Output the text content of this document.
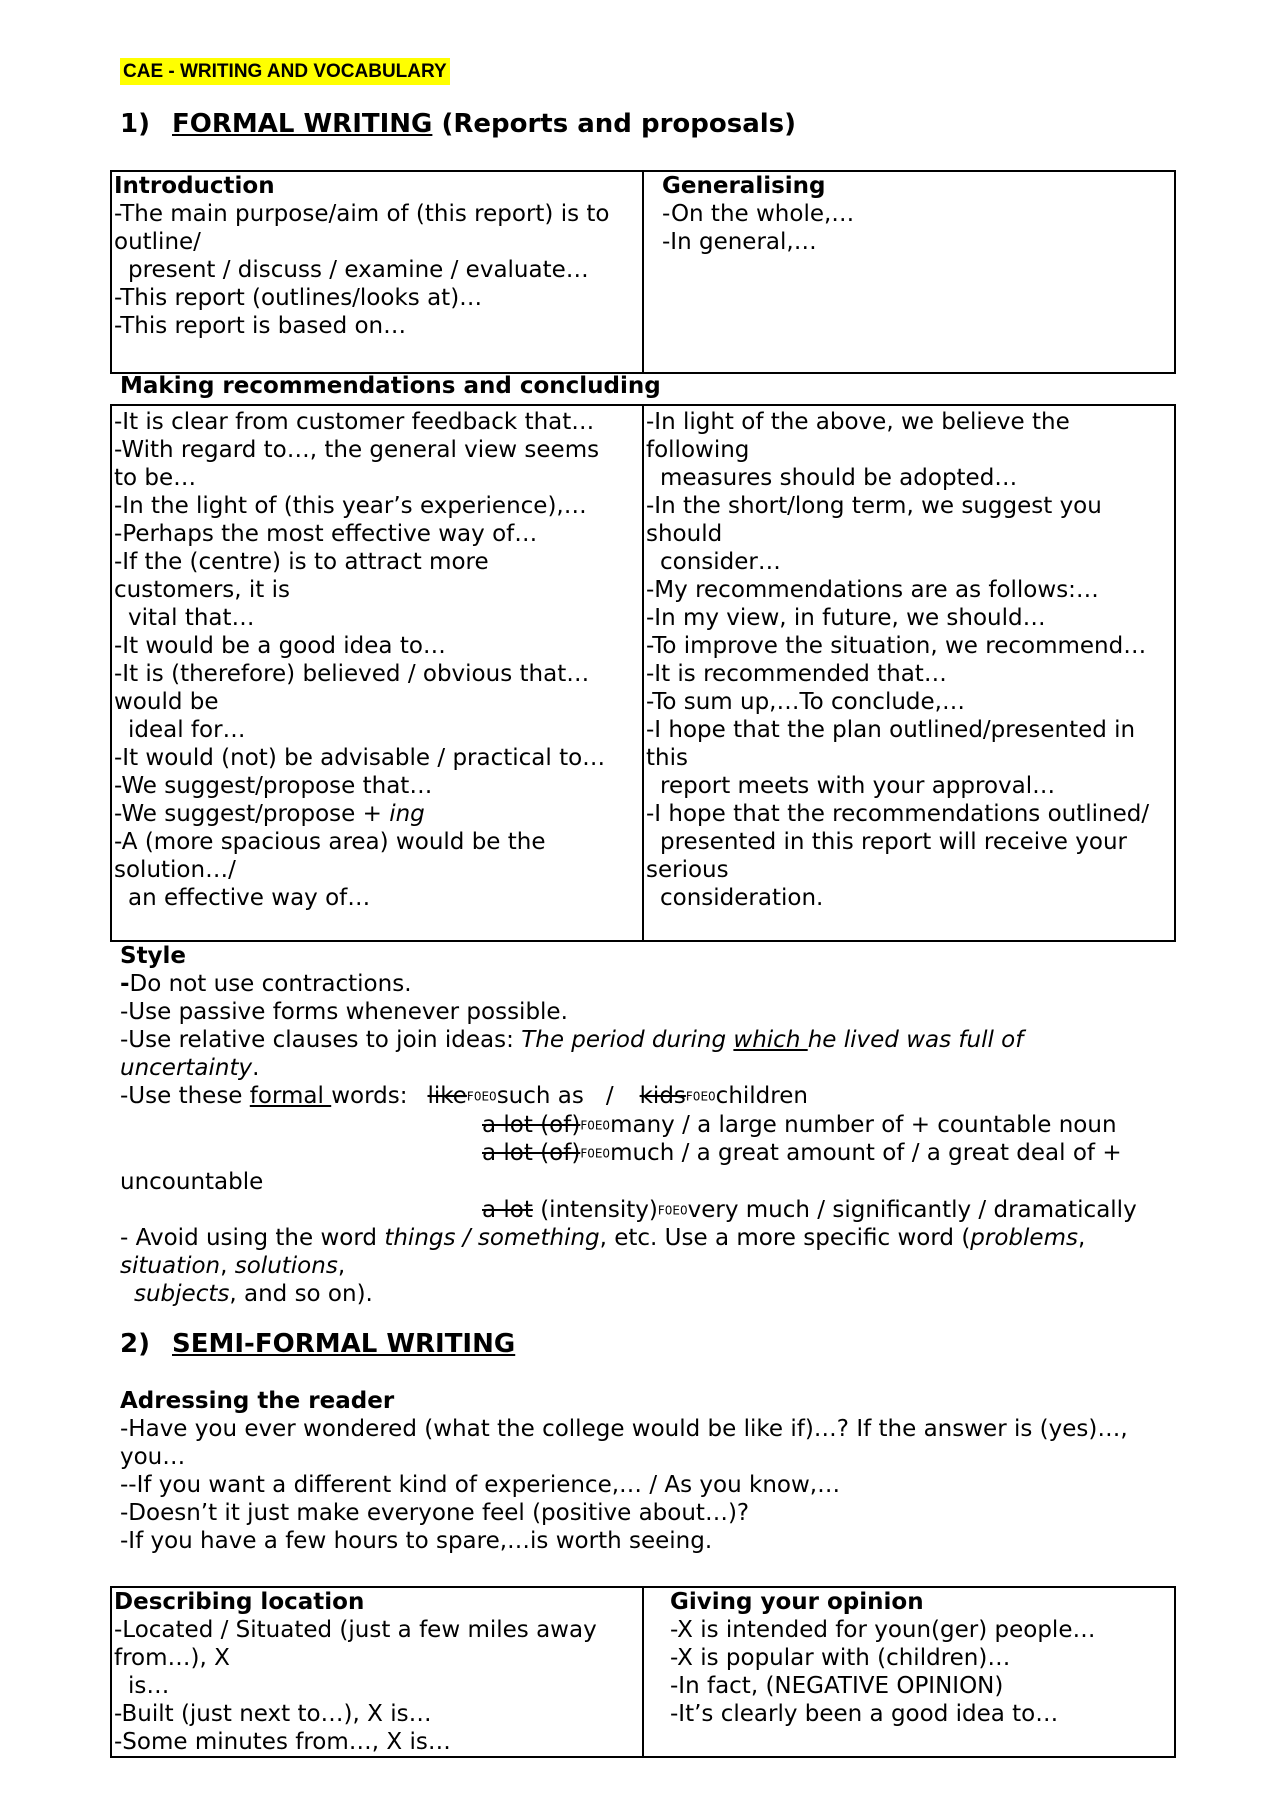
CAE - WRITING AND VOCABULARY
1) FORMAL WRITING (Reports and proposals)
Introduction
-The main purpose/aim of (this report) is to
outline/
present / discuss / examine / evaluate…
-This report (outlines/looks at)…
-This report is based on…

Generalising
-On the whole,…
-In general,…
Making recommendations and concluding
-It is clear from customer feedback that…
-With regard to…, the general view seems
to be…
-In the light of (this year’s experience),…
-Perhaps the most effective way of…
-If the (centre) is to attract more
customers, it is
vital that…
-It would be a good idea to…
-It is (therefore) believed / obvious that…
would be
ideal for…
-It would (not) be advisable / practical to…
-We suggest/propose that…
-We suggest/propose + ing
-A (more spacious area) would be the
solution…/
an effective way of…

-In light of the above, we believe the
following
measures should be adopted…
-In the short/long term, we suggest you
should
consider…
-My recommendations are as follows:…
-In my view, in future, we should…
-To improve the situation, we recommend…
-It is recommended that…
-To sum up,…To conclude,…
-I hope that the plan outlined/presented in
this
report meets with your approval…
-I hope that the recommendations outlined/
presented in this report will receive your
serious
consideration.
Style
-Do not use contractions.
-Use passive forms whenever possible.
-Use relative clauses to join ideas: The period during which he lived was full of
uncertainty.
-Use these formal words: likeF0E0such as / kidsF0E0children
a lot (of)F0E0many / a large number of + countable noun
a lot (of)F0E0much / a great amount of / a great deal of +
uncountable
a lot (intensity)F0E0very much / significantly / dramatically
- Avoid using the word things / something, etc. Use a more specific word (problems,
situation, solutions,
subjects, and so on).
2) SEMI-FORMAL WRITING
Adressing the reader
-Have you ever wondered (what the college would be like if)…? If the answer is (yes)…,
you…
--If you want a different kind of experience,… / As you know,…
-Doesn’t it just make everyone feel (positive about…)?
-If you have a few hours to spare,…is worth seeing.
Describing location
-Located / Situated (just a few miles away
from…), X
is…
-Built (just next to…), X is…
-Some minutes from…, X is…

Giving your opinion
-X is intended for youn(ger) people…
-X is popular with (children)…
-In fact, (NEGATIVE OPINION)
-It’s clearly been a good idea to…
